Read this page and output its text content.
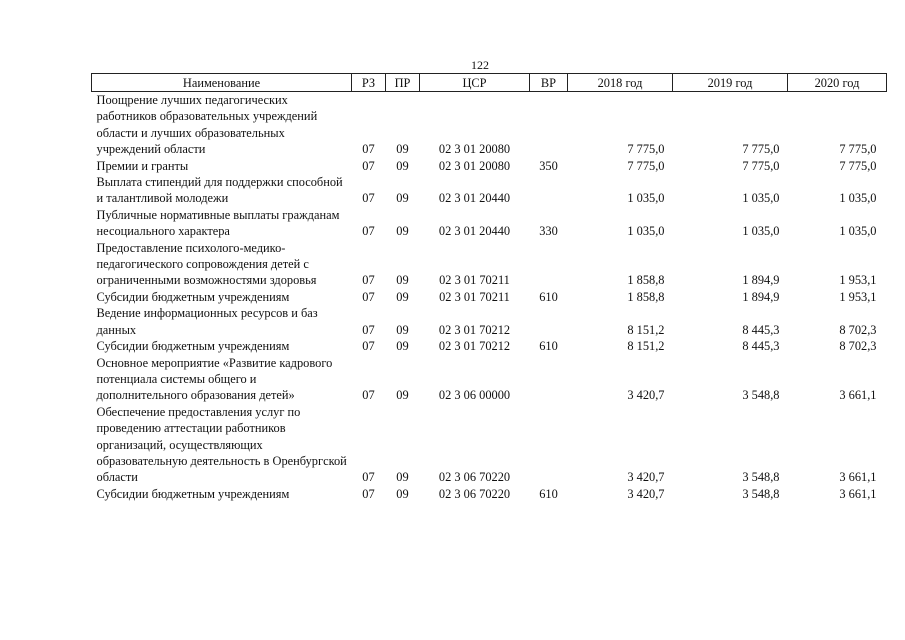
122
Наименование	РЗ	ПР	ЦСР	ВР	2018 год	2019 год	2020 год
Поощрение лучших педагогических работников образовательных учреждений области и лучших образовательных учреждений области	07	09	02 3 01 20080		7 775,0	7 775,0	7 775,0
Премии и гранты	07	09	02 3 01 20080	350	7 775,0	7 775,0	7 775,0
Выплата стипендий для поддержки способной и талантливой молодежи	07	09	02 3 01 20440		1 035,0	1 035,0	1 035,0
Публичные нормативные выплаты гражданам несоциального характера	07	09	02 3 01 20440	330	1 035,0	1 035,0	1 035,0
Предоставление психолого-медико-педагогического сопровождения детей с ограниченными возможностями здоровья	07	09	02 3 01 70211		1 858,8	1 894,9	1 953,1
Субсидии бюджетным учреждениям	07	09	02 3 01 70211	610	1 858,8	1 894,9	1 953,1
Ведение информационных ресурсов и баз данных	07	09	02 3 01 70212		8 151,2	8 445,3	8 702,3
Субсидии бюджетным учреждениям	07	09	02 3 01 70212	610	8 151,2	8 445,3	8 702,3
Основное мероприятие «Развитие кадрового потенциала системы общего и дополнительного образования детей»	07	09	02 3 06 00000		3 420,7	3 548,8	3 661,1
Обеспечение предоставления услуг по проведению аттестации работников организаций, осуществляющих образовательную деятельность в Оренбургской области	07	09	02 3 06 70220		3 420,7	3 548,8	3 661,1
Субсидии бюджетным учреждениям	07	09	02 3 06 70220	610	3 420,7	3 548,8	3 661,1
